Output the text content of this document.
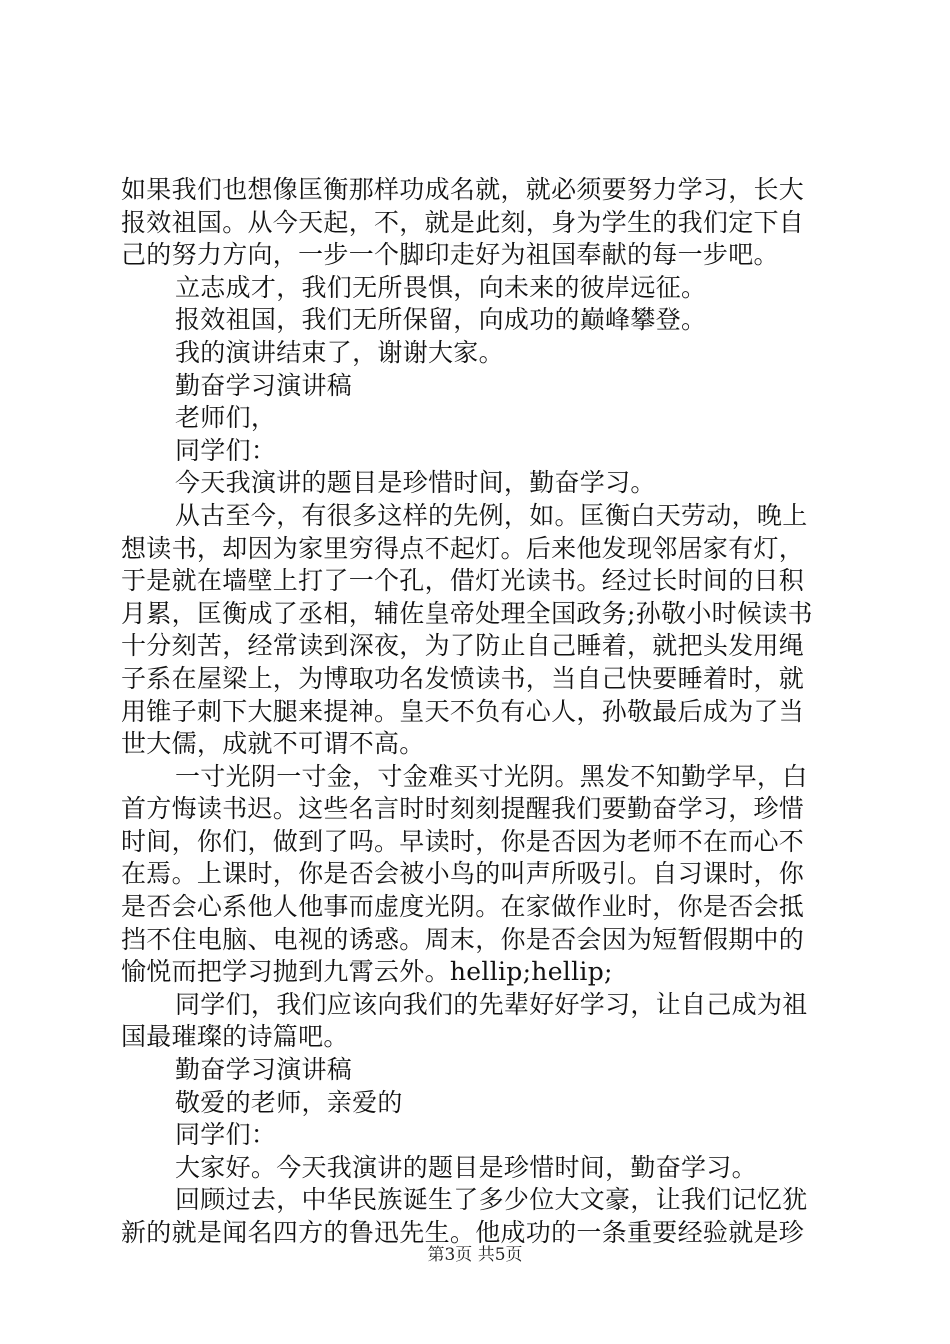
如果我们也想像匡衡那样功成名就，就必须要努力学习，长大
报效祖国。从今天起，不，就是此刻，身为学生的我们定下自
己的努力方向，一步一个脚印走好为祖国奉献的每一步吧。
立志成才，我们无所畏惧，向未来的彼岸远征。
报效祖国，我们无所保留，向成功的巅峰攀登。
我的演讲结束了，谢谢大家。
勤奋学习演讲稿
老师们，
同学们：
今天我演讲的题目是珍惜时间，勤奋学习。
从古至今，有很多这样的先例，如。匡衡白天劳动，晚上
想读书，却因为家里穷得点不起灯。后来他发现邻居家有灯，
于是就在墙壁上打了一个孔，借灯光读书。经过长时间的日积
月累，匡衡成了丞相，辅佐皇帝处理全国政务;孙敬小时候读书
十分刻苦，经常读到深夜，为了防止自己睡着，就把头发用绳
子系在屋梁上，为博取功名发愤读书，当自己快要睡着时，就
用锥子刺下大腿来提神。皇天不负有心人，孙敬最后成为了当
世大儒，成就不可谓不高。
一寸光阴一寸金，寸金难买寸光阴。黑发不知勤学早，白
首方悔读书迟。这些名言时时刻刻提醒我们要勤奋学习，珍惜
时间，你们，做到了吗。早读时，你是否因为老师不在而心不
在焉。上课时，你是否会被小鸟的叫声所吸引。自习课时，你
是否会心系他人他事而虚度光阴。在家做作业时，你是否会抵
挡不住电脑、电视的诱惑。周末，你是否会因为短暂假期中的
愉悦而把学习抛到九霄云外。hellip;hellip;
同学们，我们应该向我们的先辈好好学习，让自己成为祖
国最璀璨的诗篇吧。
勤奋学习演讲稿
敬爱的老师，亲爱的
同学们：
大家好。今天我演讲的题目是珍惜时间，勤奋学习。
回顾过去，中华民族诞生了多少位大文豪，让我们记忆犹
新的就是闻名四方的鲁迅先生。他成功的一条重要经验就是珍
第3页 共5页
